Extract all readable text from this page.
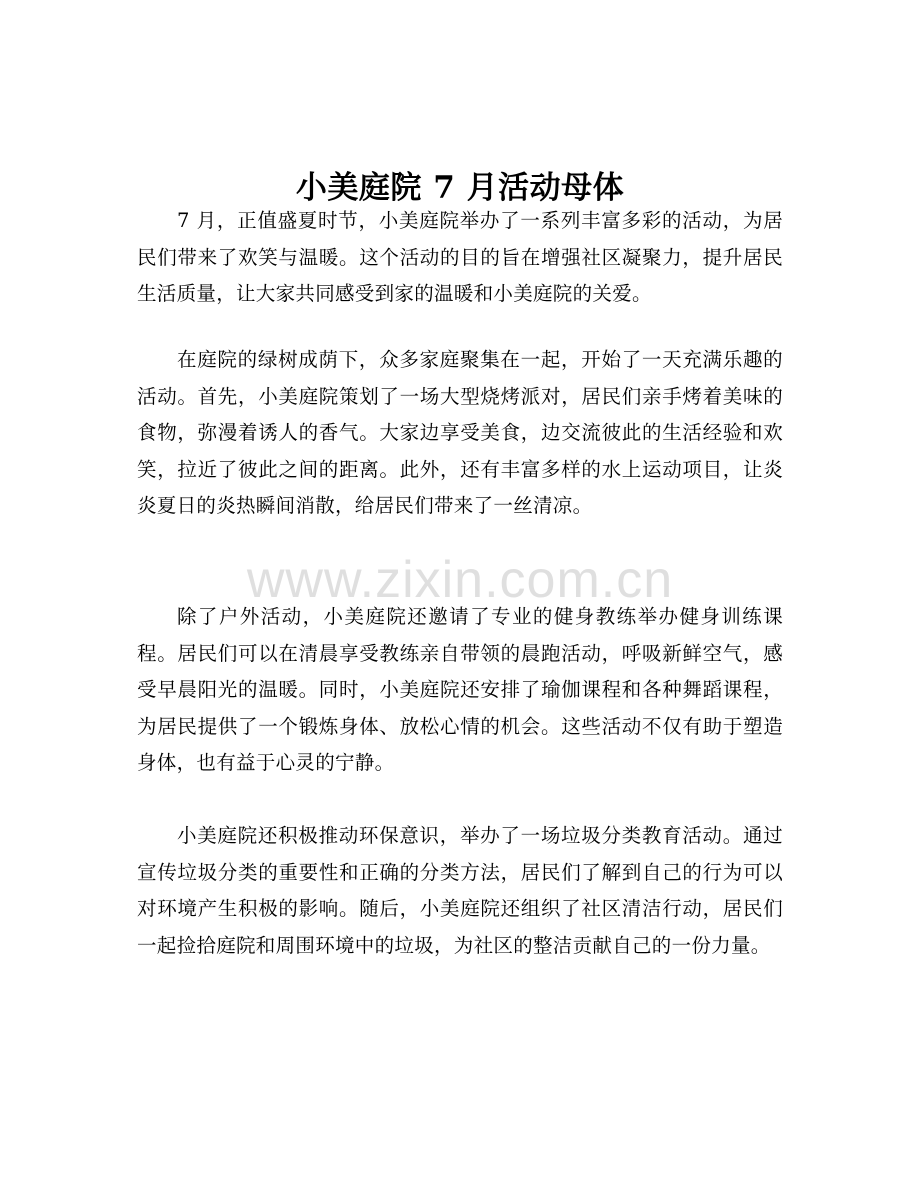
小美庭院 7 月活动母体

7 月，正值盛夏时节，小美庭院举办了一系列丰富多彩的活动，为居民们带来了欢笑与温暖。这个活动的目的旨在增强社区凝聚力，提升居民生活质量，让大家共同感受到家的温暖和小美庭院的关爱。

在庭院的绿树成荫下，众多家庭聚集在一起，开始了一天充满乐趣的活动。首先，小美庭院策划了一场大型烧烤派对，居民们亲手烤着美味的食物，弥漫着诱人的香气。大家边享受美食，边交流彼此的生活经验和欢笑，拉近了彼此之间的距离。此外，还有丰富多样的水上运动项目，让炎炎夏日的炎热瞬间消散，给居民们带来了一丝清凉。

除了户外活动，小美庭院还邀请了专业的健身教练举办健身训练课程。居民们可以在清晨享受教练亲自带领的晨跑活动，呼吸新鲜空气，感受早晨阳光的温暖。同时，小美庭院还安排了瑜伽课程和各种舞蹈课程，为居民提供了一个锻炼身体、放松心情的机会。这些活动不仅有助于塑造身体，也有益于心灵的宁静。

小美庭院还积极推动环保意识，举办了一场垃圾分类教育活动。通过宣传垃圾分类的重要性和正确的分类方法，居民们了解到自己的行为可以对环境产生积极的影响。随后，小美庭院还组织了社区清洁行动，居民们一起捡拾庭院和周围环境中的垃圾，为社区的整洁贡献自己的一份力量。

www.zixin.com.cn
